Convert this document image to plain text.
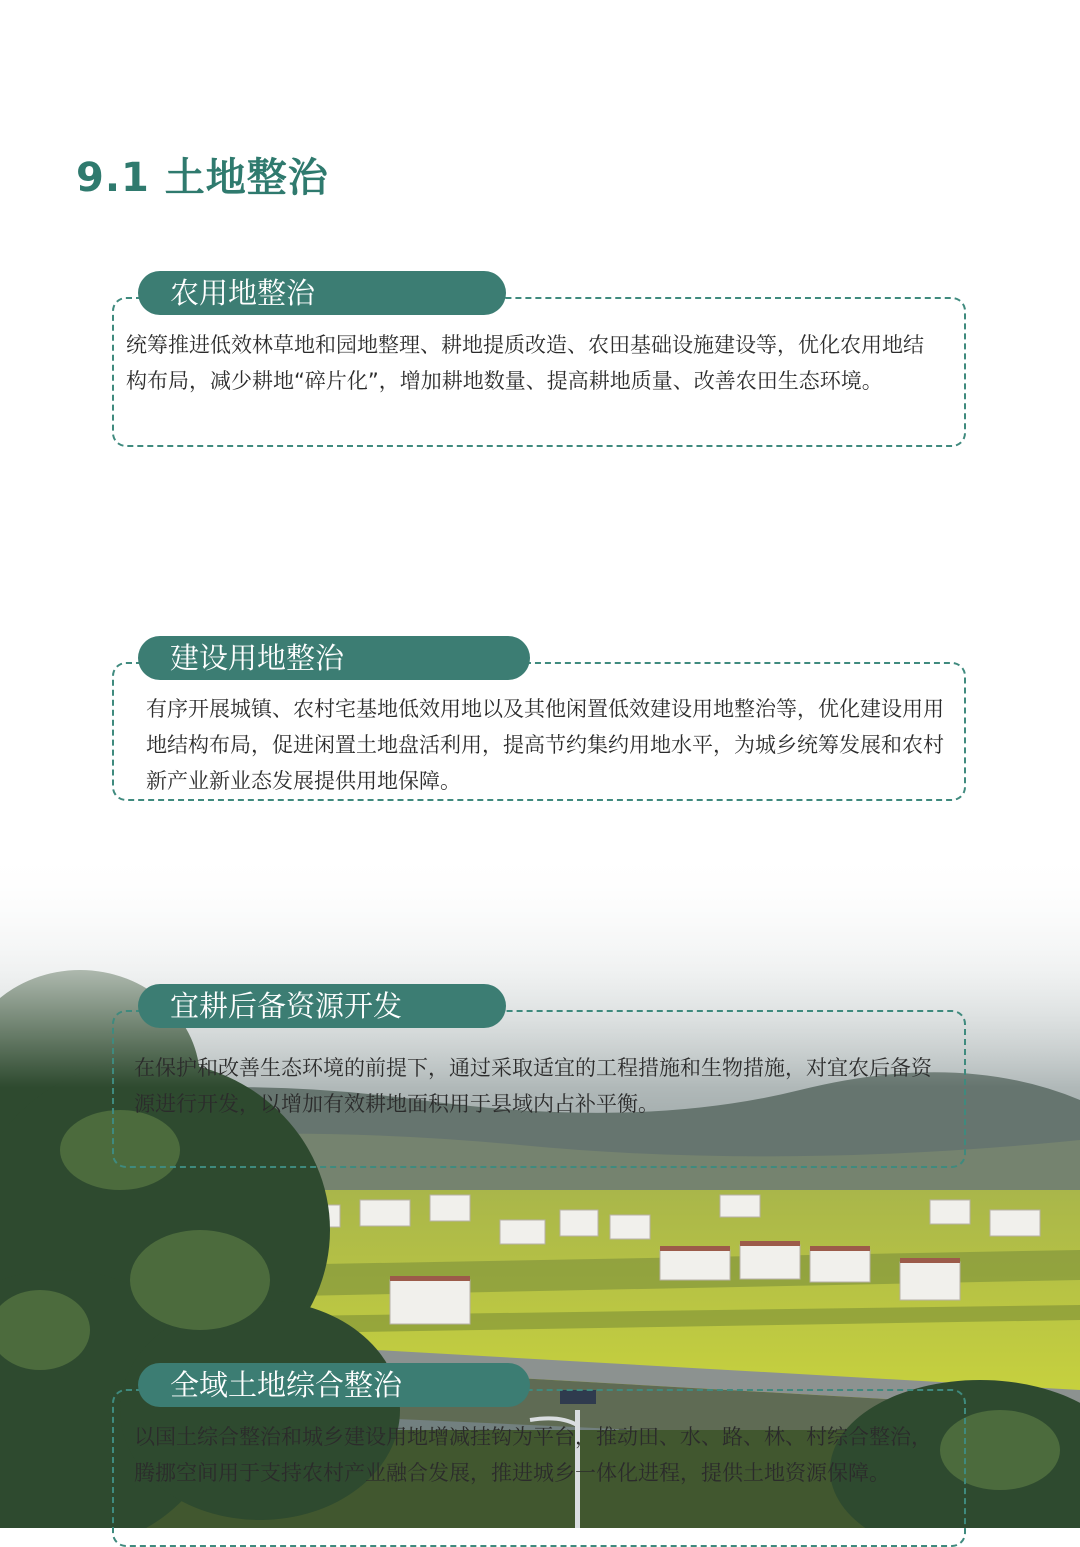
9.1 土地整治
农用地整治
统筹推进低效林草地和园地整理、耕地提质改造、农田基础设施建设等，优化农用地结构布局，减少耕地“碎片化”，增加耕地数量、提高耕地质量、改善农田生态环境。
建设用地整治
有序开展城镇、农村宅基地低效用地以及其他闲置低效建设用地整治等，优化建设用用地结构布局，促进闲置土地盘活利用，提高节约集约用地水平，为城乡统筹发展和农村新产业新业态发展提供用地保障。
宜耕后备资源开发
在保护和改善生态环境的前提下，通过采取适宜的工程措施和生物措施，对宜农后备资源进行开发，以增加有效耕地面积用于县域内占补平衡。
全域土地综合整治
以国土综合整治和城乡建设用地增减挂钩为平台，推动田、水、路、林、村综合整治，腾挪空间用于支持农村产业融合发展，推进城乡一体化进程，提供土地资源保障。
